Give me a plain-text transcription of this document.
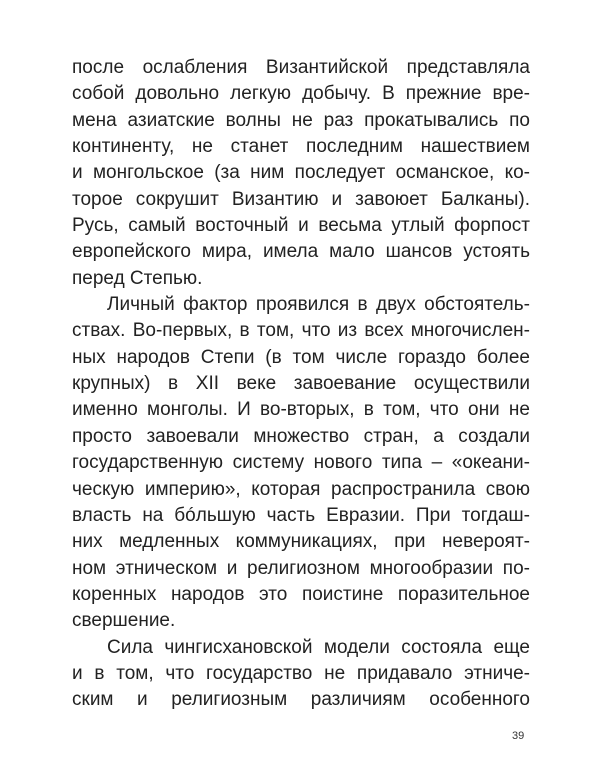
после ослабления Византийской представляла
собой довольно легкую добычу. В прежние вре-
мена азиатские волны не раз прокатывались по
континенту, не станет последним нашествием
и монгольское (за ним последует османское, ко-
торое сокрушит Византию и завоюет Балканы).
Русь, самый восточный и весьма утлый форпост
европейского мира, имела мало шансов устоять
перед Степью.
Личный фактор проявился в двух обстоятель-
ствах. Во-первых, в том, что из всех многочислен-
ных народов Степи (в том числе гораздо более
крупных) в XII веке завоевание осуществили
именно монголы. И во-вторых, в том, что они не
просто завоевали множество стран, а создали
государственную систему нового типа – «океани-
ческую империю», которая распространила свою
власть на бóльшую часть Евразии. При тогдаш-
них медленных коммуникациях, при невероят-
ном этническом и религиозном многообразии по-
коренных народов это поистине поразительное
свершение.
Сила чингисхановской модели состояла еще
и в том, что государство не придавало этниче-
ским и религиозным различиям особенного
39
